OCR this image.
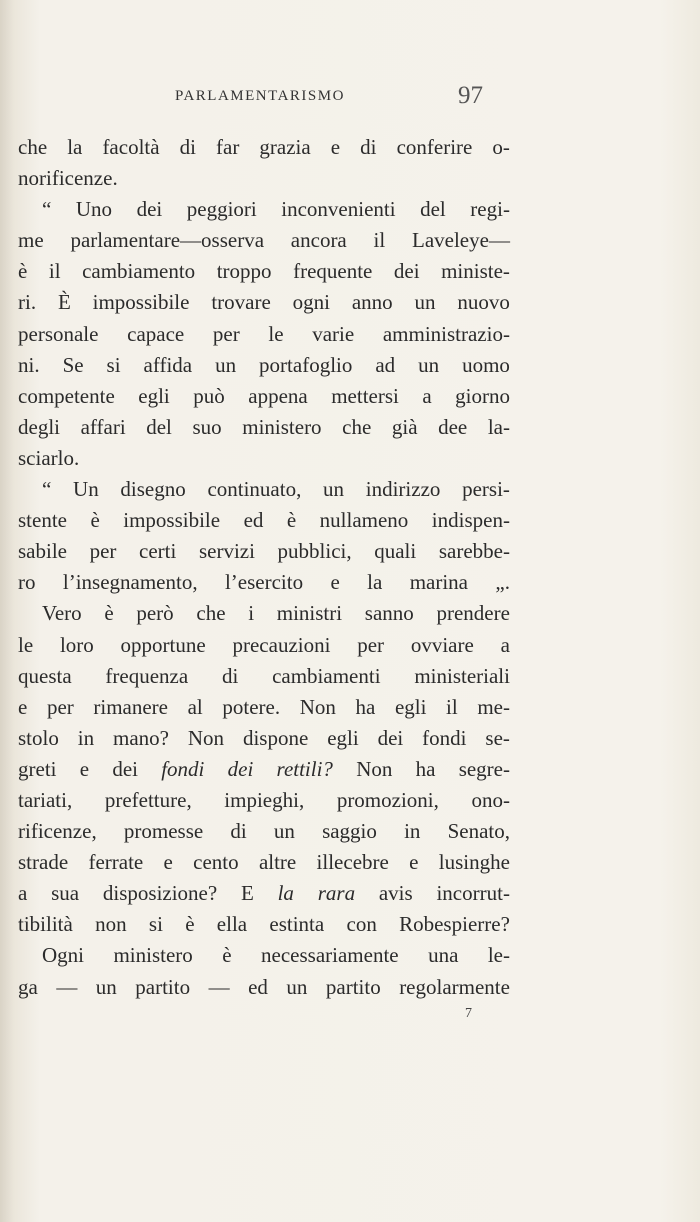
PARLAMENTARISMO	97
che la facoltà di far grazia e di conferire o-
norificenze.
“ Uno dei peggiori inconvenienti del regi-
me parlamentare—osserva ancora il Laveleye—
è il cambiamento troppo frequente dei ministe-
ri. È impossibile trovare ogni anno un nuovo
personale capace per le varie amministrazio-
ni. Se si affida un portafoglio ad un uomo
competente egli può appena mettersi a giorno
degli affari del suo ministero che già dee la-
sciarlo.
“ Un disegno continuato, un indirizzo persi-
stente è impossibile ed è nullameno indispen-
sabile per certi servizi pubblici, quali sarebbe-
ro l’insegnamento, l’esercito e la marina „.
Vero è però che i ministri sanno prendere
le loro opportune precauzioni per ovviare a
questa frequenza di cambiamenti ministeriali
e per rimanere al potere. Non ha egli il me-
stolo in mano? Non dispone egli dei fondi se-
greti e dei fondi dei rettili? Non ha segre-
tariati, prefetture, impieghi, promozioni, ono-
rificenze, promesse di un saggio in Senato,
strade ferrate e cento altre illecebre e lusinghe
a sua disposizione? E la rara avis incorrut-
tibilità non si è ella estinta con Robespierre?
Ogni ministero è necessariamente una le-
ga — un partito — ed un partito regolarmente
7
